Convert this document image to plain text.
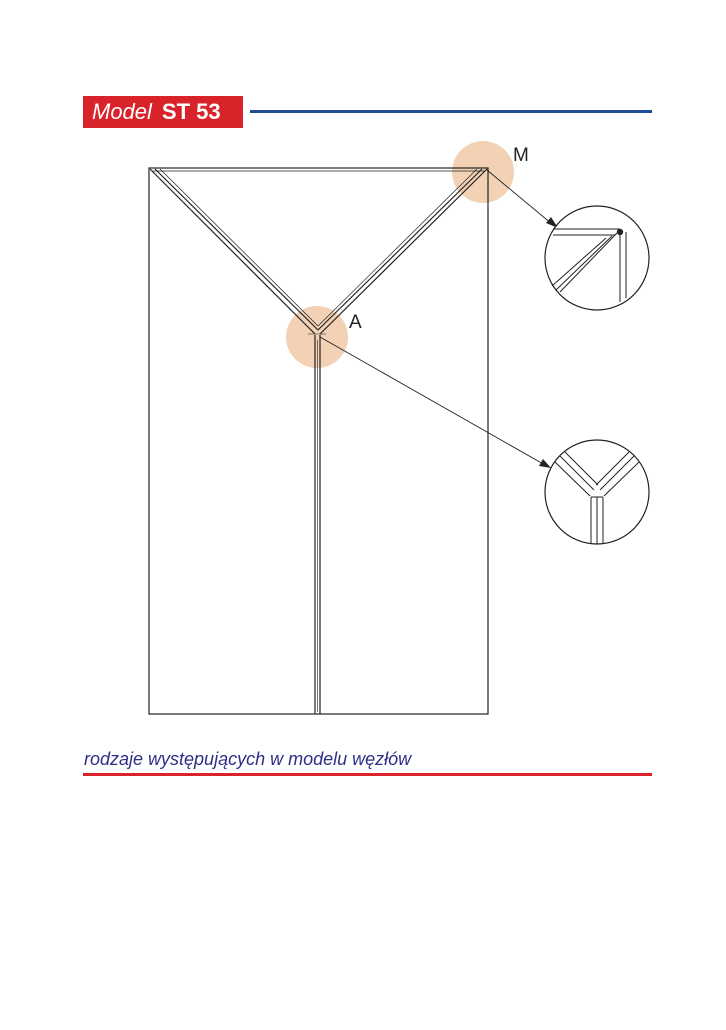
Model ST 53
M
A
rodzaje występujących w modelu węzłów
